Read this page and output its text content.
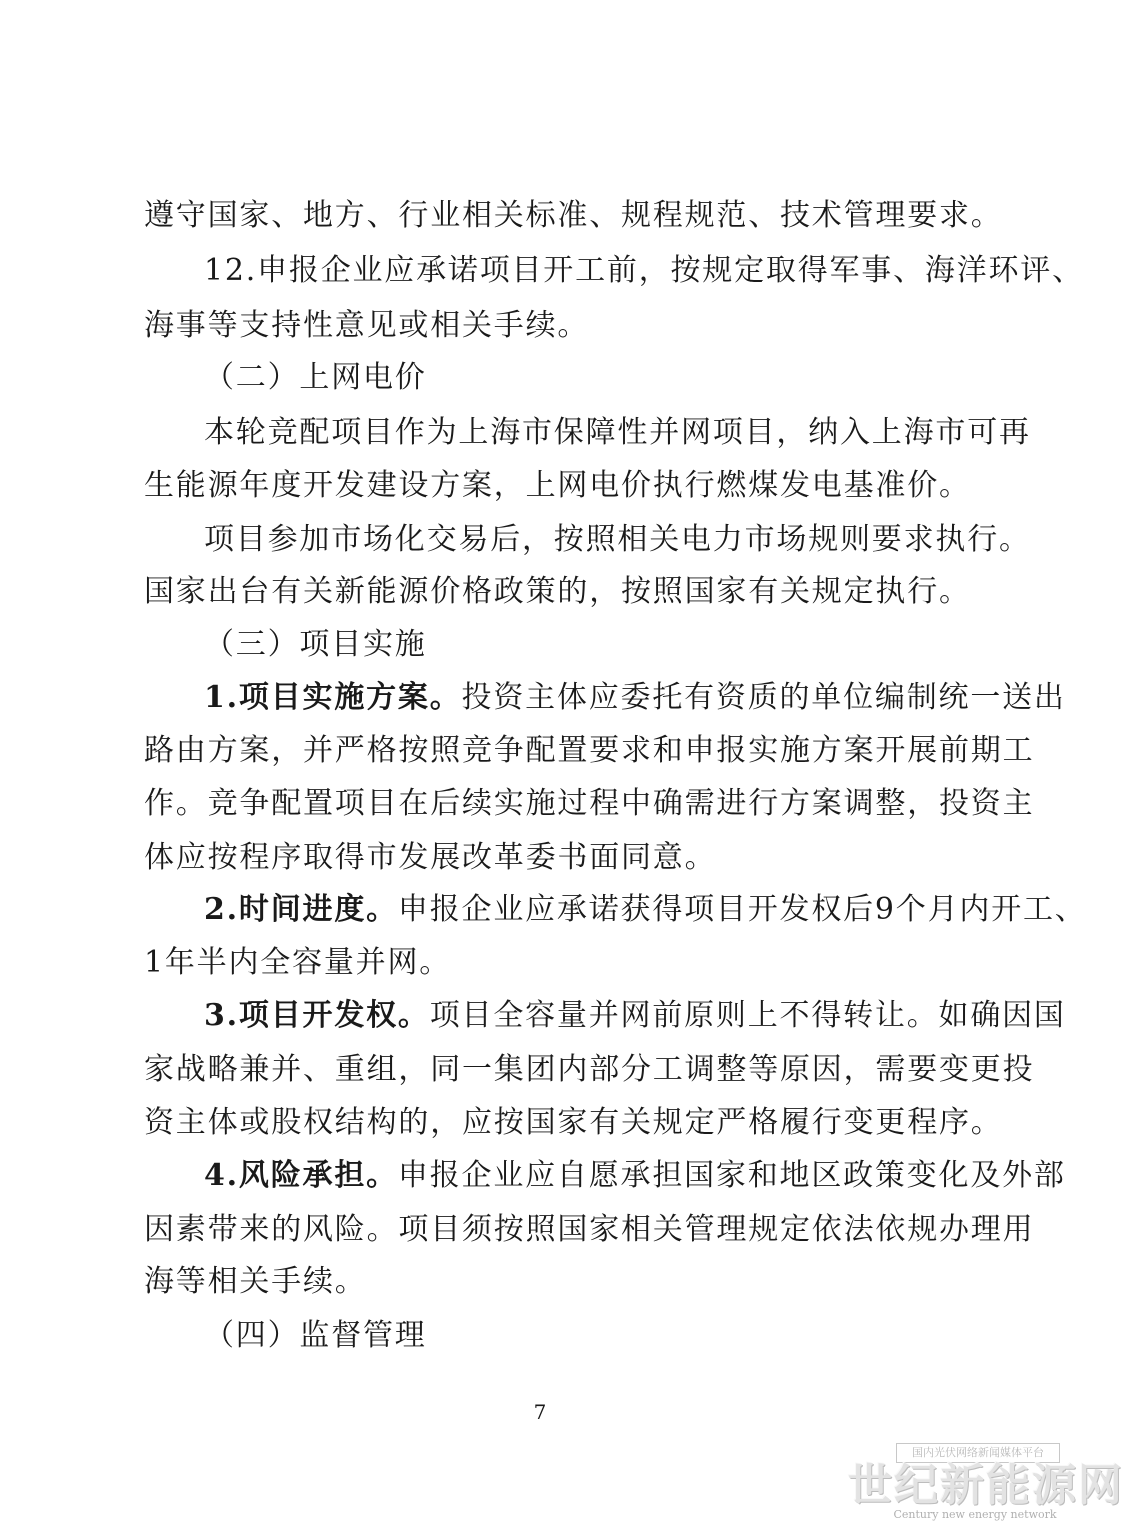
遵守国家、地方、行业相关标准、规程规范、技术管理要求。
12.申报企业应承诺项目开工前，按规定取得军事、海洋环评、
海事等支持性意见或相关手续。
（二）上网电价
本轮竞配项目作为上海市保障性并网项目，纳入上海市可再
生能源年度开发建设方案，上网电价执行燃煤发电基准价。
项目参加市场化交易后，按照相关电力市场规则要求执行。
国家出台有关新能源价格政策的，按照国家有关规定执行。
（三）项目实施
1.项目实施方案。投资主体应委托有资质的单位编制统一送出
路由方案，并严格按照竞争配置要求和申报实施方案开展前期工
作。竞争配置项目在后续实施过程中确需进行方案调整，投资主
体应按程序取得市发展改革委书面同意。
2.时间进度。申报企业应承诺获得项目开发权后9个月内开工、
1年半内全容量并网。
3.项目开发权。项目全容量并网前原则上不得转让。如确因国
家战略兼并、重组，同一集团内部分工调整等原因，需要变更投
资主体或股权结构的，应按国家有关规定严格履行变更程序。
4.风险承担。申报企业应自愿承担国家和地区政策变化及外部
因素带来的风险。项目须按照国家相关管理规定依法依规办理用
海等相关手续。
（四）监督管理
7
国内光伏网络新闻媒体平台
世纪新能源网
Century new energy network
